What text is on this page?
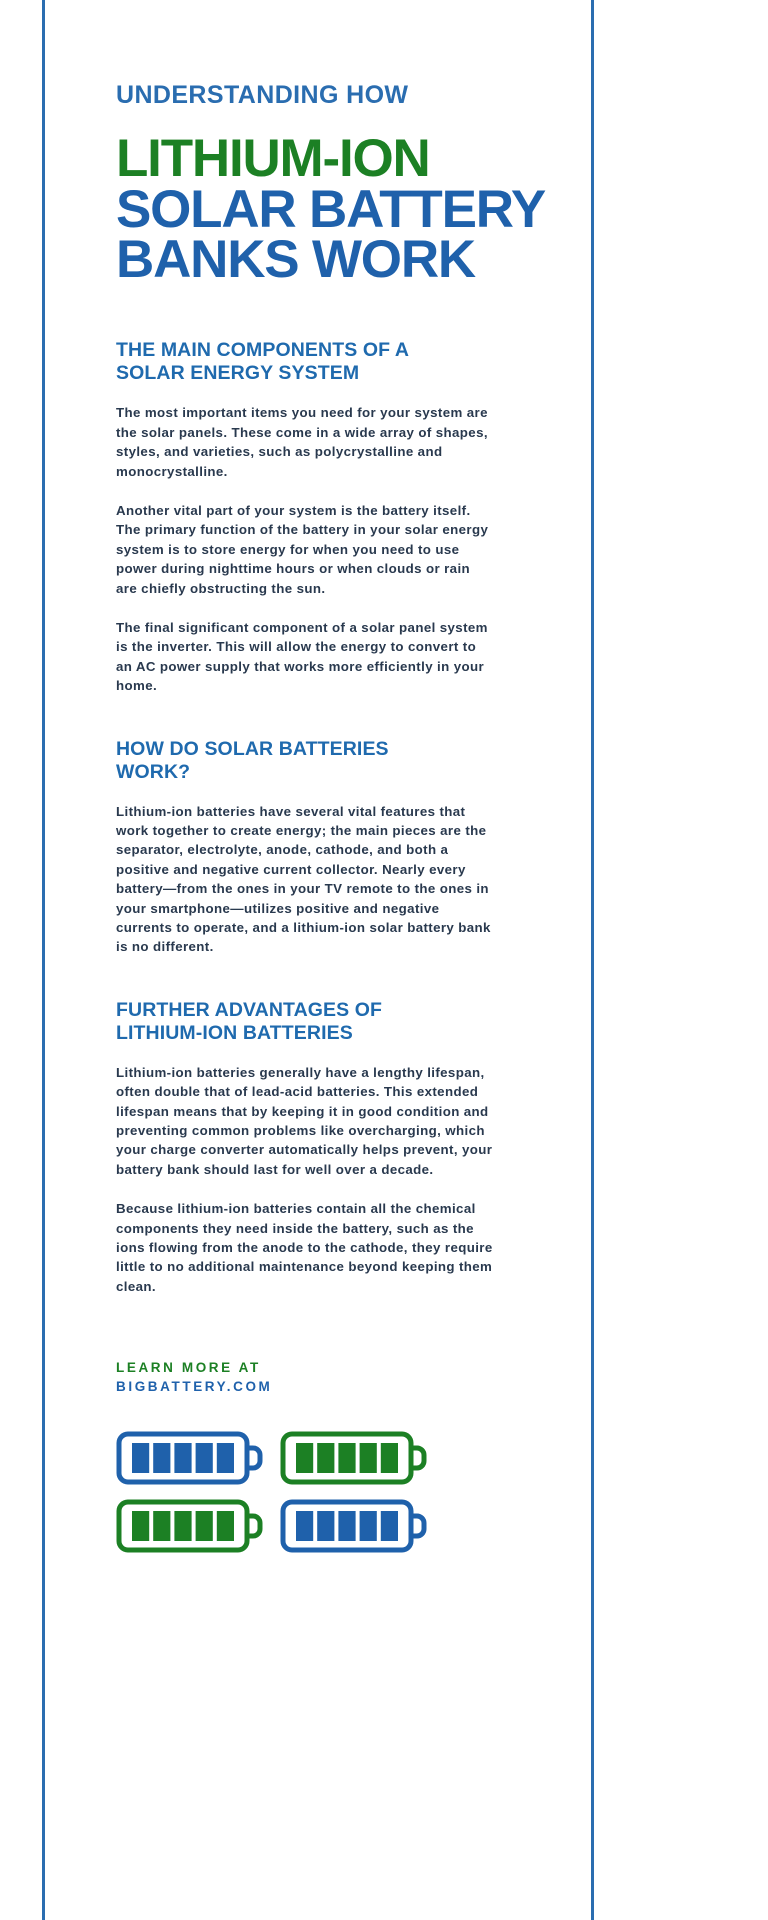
UNDERSTANDING HOW
LITHIUM-ION
SOLAR BATTERY
BANKS WORK
THE MAIN COMPONENTS OF A SOLAR ENERGY SYSTEM

The most important items you need for your system are the solar panels. These come in a wide array of shapes, styles, and varieties, such as polycrystalline and monocrystalline.

Another vital part of your system is the battery itself. The primary function of the battery in your solar energy system is to store energy for when you need to use power during nighttime hours or when clouds or rain are chiefly obstructing the sun.

The final significant component of a solar panel system is the inverter. This will allow the energy to convert to an AC power supply that works more efficiently in your home.

HOW DO SOLAR BATTERIES WORK?

Lithium-ion batteries have several vital features that work together to create energy; the main pieces are the separator, electrolyte, anode, cathode, and both a positive and negative current collector. Nearly every battery—from the ones in your TV remote to the ones in your smartphone—utilizes positive and negative currents to operate, and a lithium-ion solar battery bank is no different.

FURTHER ADVANTAGES OF LITHIUM-ION BATTERIES

Lithium-ion batteries generally have a lengthy lifespan, often double that of lead-acid batteries. This extended lifespan means that by keeping it in good condition and preventing common problems like overcharging, which your charge converter automatically helps prevent, your battery bank should last for well over a decade.

Because lithium-ion batteries contain all the chemical components they need inside the battery, such as the ions flowing from the anode to the cathode, they require little to no additional maintenance beyond keeping them clean.

LEARN MORE AT
BIGBATTERY.COM
